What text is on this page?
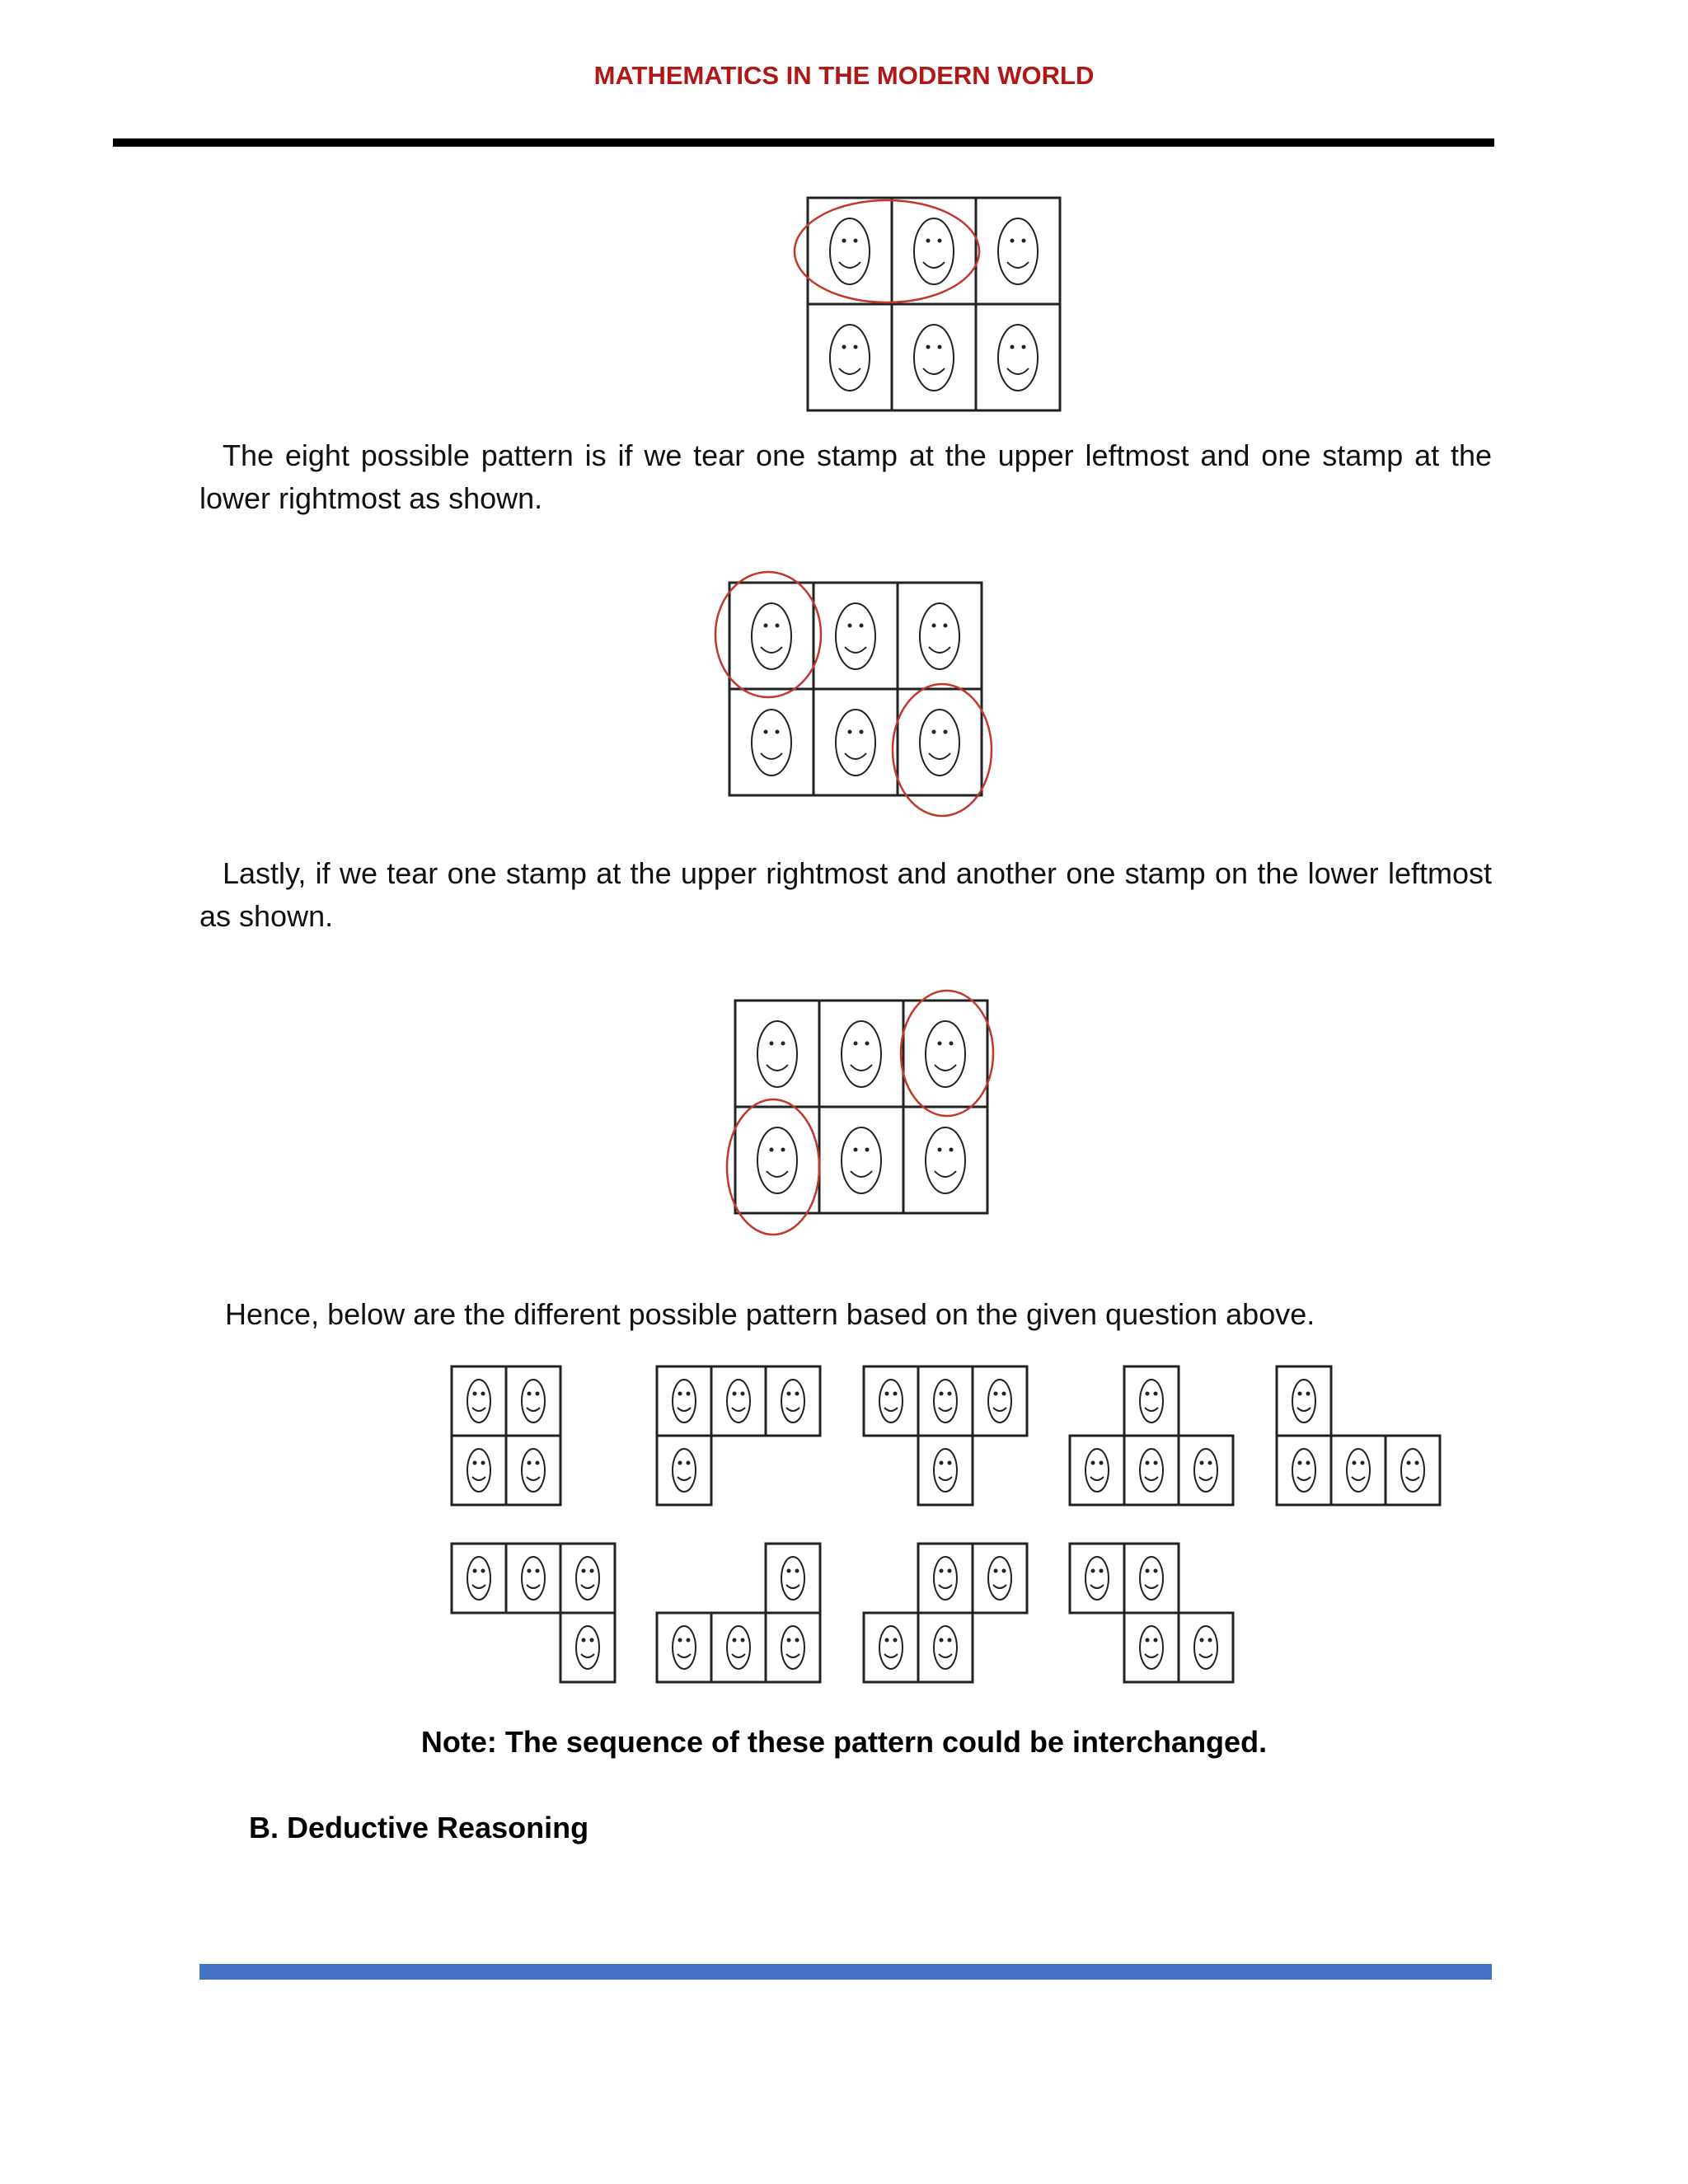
MATHEMATICS IN THE MODERN WORLD
The eight possible pattern is if we tear one stamp at the upper leftmost and one stamp at the lower rightmost as shown.
Lastly, if we tear one stamp at the upper rightmost and another one stamp on the lower leftmost as shown.
Hence, below are the different possible pattern based on the given question above.
Note: The sequence of these pattern could be interchanged.
B. Deductive Reasoning
